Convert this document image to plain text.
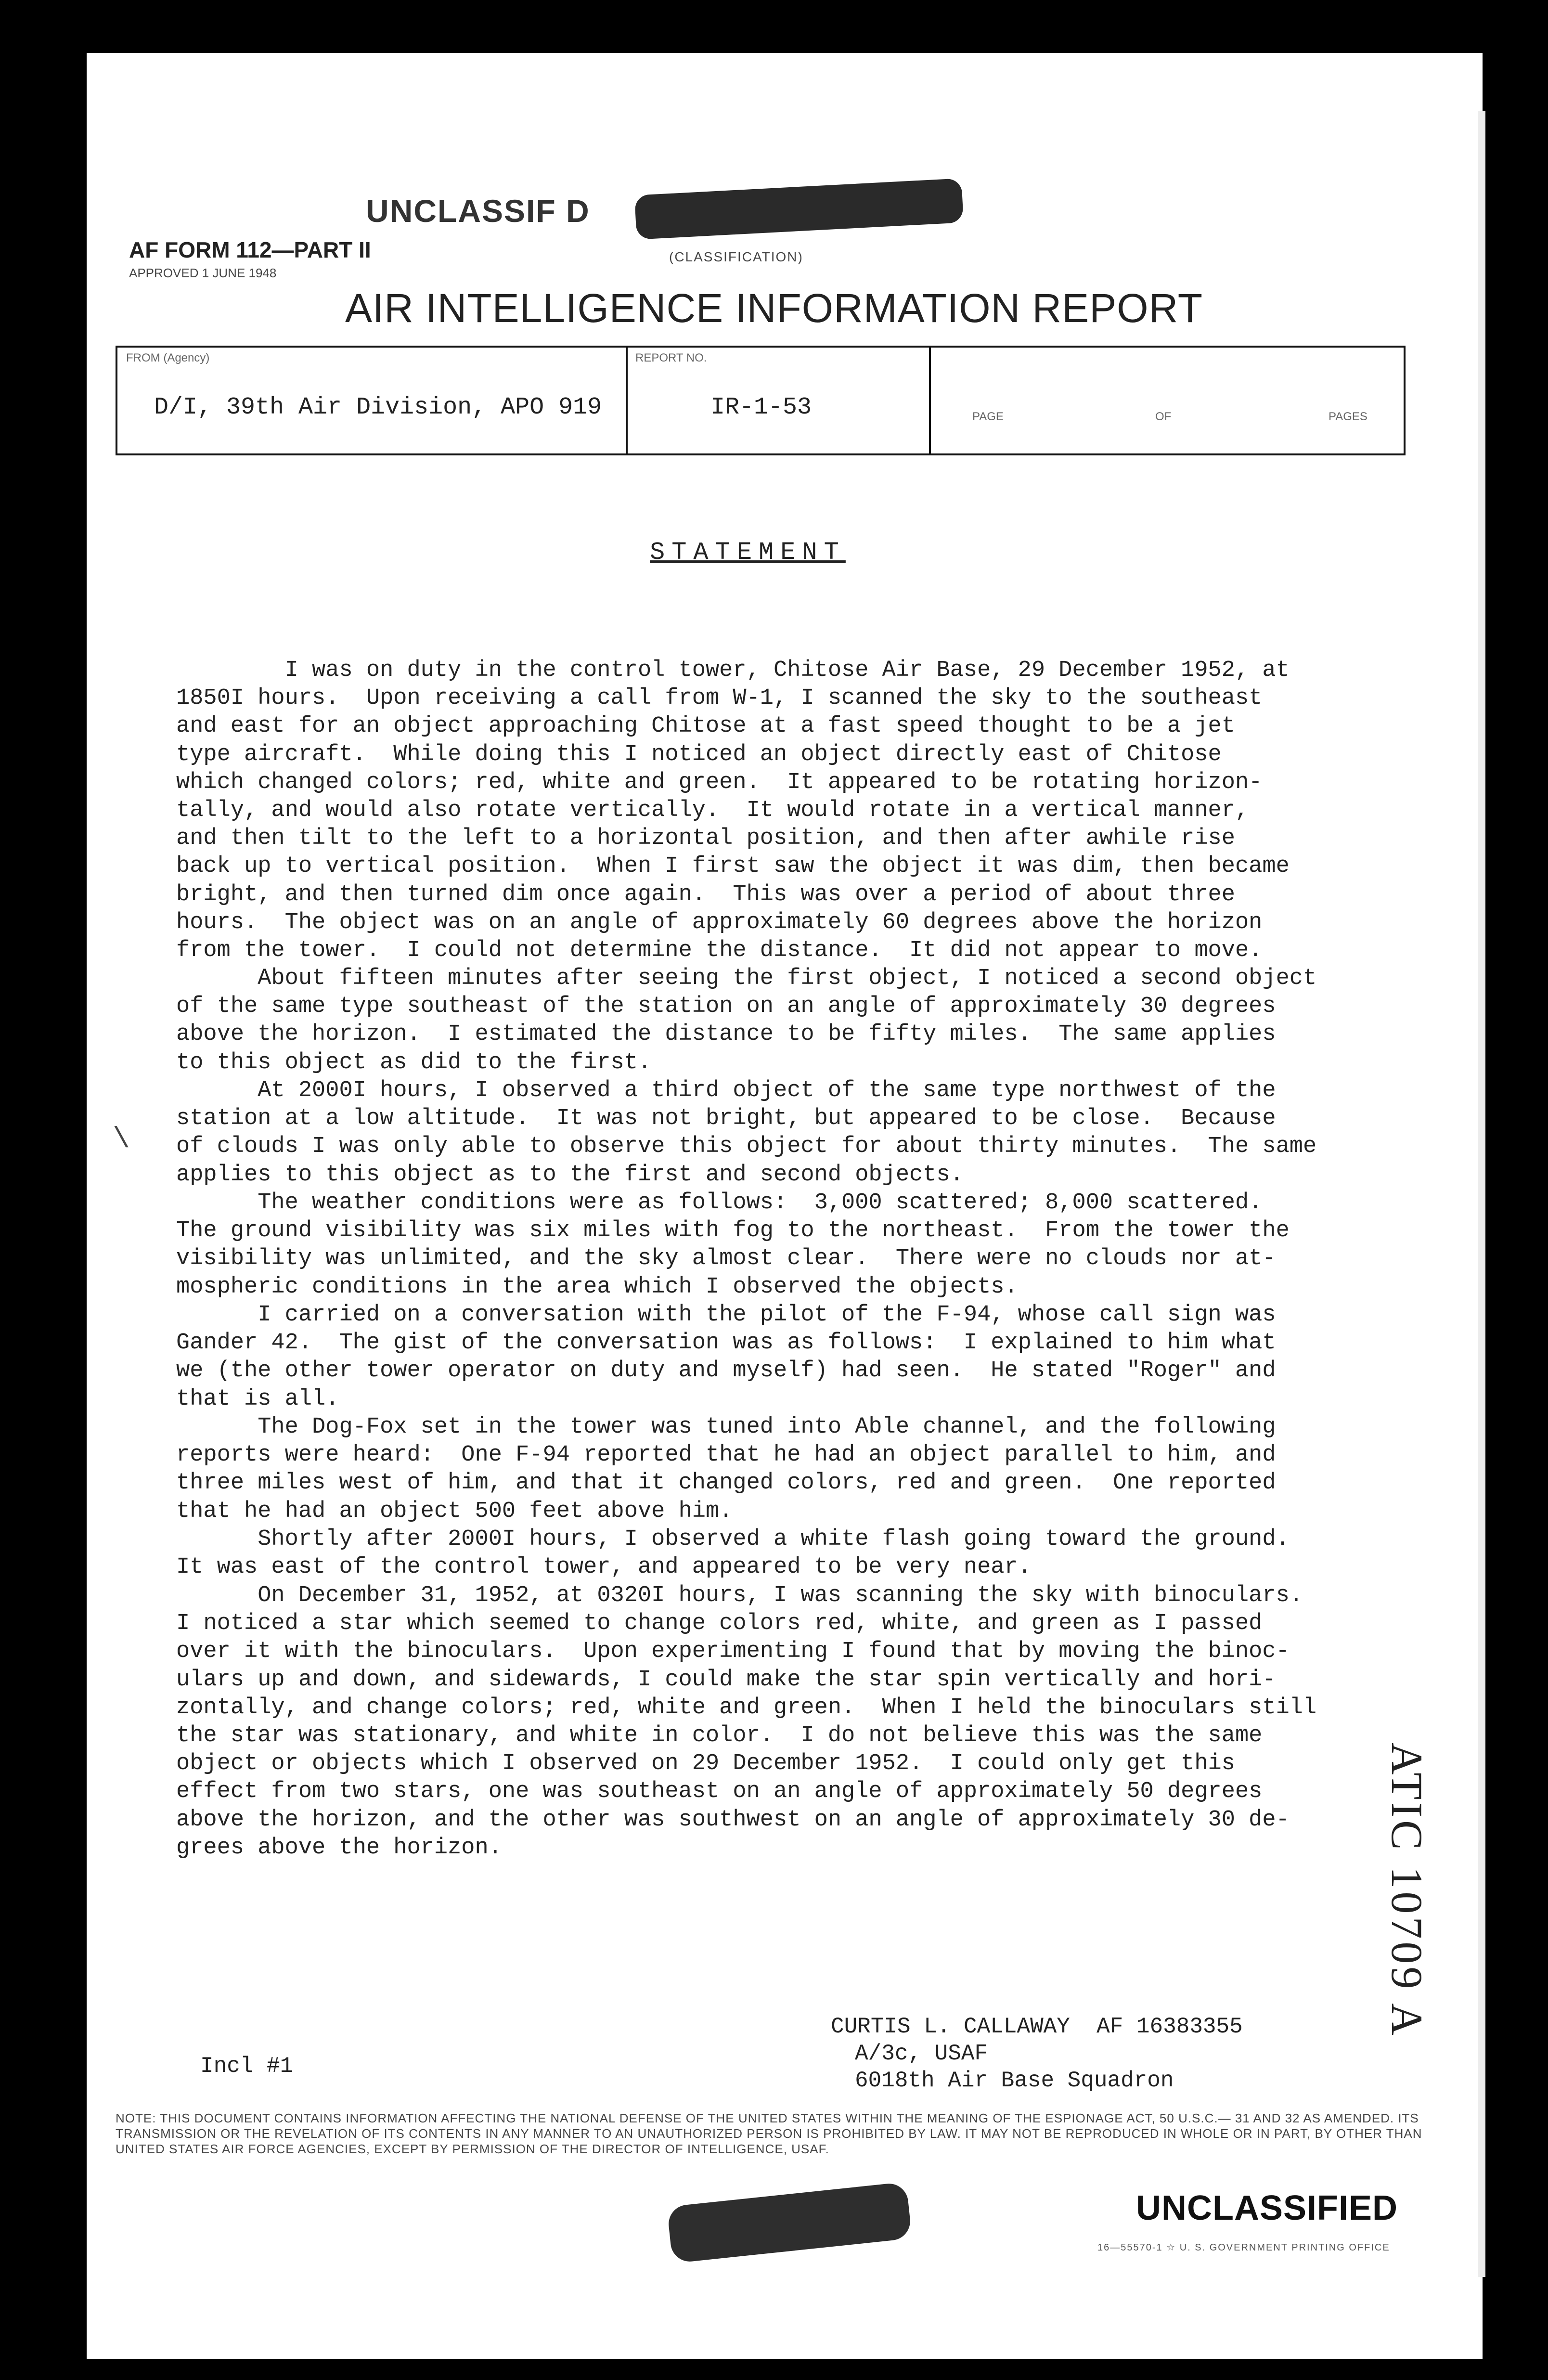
UNCLASSIF D
(CLASSIFICATION)
AF FORM 112—PART II
APPROVED 1 JUNE 1948
AIR INTELLIGENCE INFORMATION REPORT
FROM (Agency)
D/I, 39th Air Division, APO 919
REPORT NO.
IR-1-53	PAGE	OF	PAGES
STATEMENT
I was on duty in the control tower, Chitose Air Base, 29 December 1952, at
1850I hours.  Upon receiving a call from W-1, I scanned the sky to the southeast
and east for an object approaching Chitose at a fast speed thought to be a jet
type aircraft.  While doing this I noticed an object directly east of Chitose
which changed colors; red, white and green.  It appeared to be rotating horizon-
tally, and would also rotate vertically.  It would rotate in a vertical manner,
and then tilt to the left to a horizontal position, and then after awhile rise
back up to vertical position.  When I first saw the object it was dim, then became
bright, and then turned dim once again.  This was over a period of about three
hours.  The object was on an angle of approximately 60 degrees above the horizon
from the tower.  I could not determine the distance.  It did not appear to move.
About fifteen minutes after seeing the first object, I noticed a second object
of the same type southeast of the station on an angle of approximately 30 degrees
above the horizon.  I estimated the distance to be fifty miles.  The same applies
to this object as did to the first.
At 2000I hours, I observed a third object of the same type northwest of the
station at a low altitude.  It was not bright, but appeared to be close.  Because
of clouds I was only able to observe this object for about thirty minutes.  The same
applies to this object as to the first and second objects.
The weather conditions were as follows:  3,000 scattered; 8,000 scattered.
The ground visibility was six miles with fog to the northeast.  From the tower the
visibility was unlimited, and the sky almost clear.  There were no clouds nor at-
mospheric conditions in the area which I observed the objects.
I carried on a conversation with the pilot of the F-94, whose call sign was
Gander 42.  The gist of the conversation was as follows:  I explained to him what
we (the other tower operator on duty and myself) had seen.  He stated "Roger" and
that is all.
The Dog-Fox set in the tower was tuned into Able channel, and the following
reports were heard:  One F-94 reported that he had an object parallel to him, and
three miles west of him, and that it changed colors, red and green.  One reported
that he had an object 500 feet above him.
Shortly after 2000I hours, I observed a white flash going toward the ground.
It was east of the control tower, and appeared to be very near.
On December 31, 1952, at 0320I hours, I was scanning the sky with binoculars.
I noticed a star which seemed to change colors red, white, and green as I passed
over it with the binoculars.  Upon experimenting I found that by moving the binoc-
ulars up and down, and sidewards, I could make the star spin vertically and hori-
zontally, and change colors; red, white and green.  When I held the binoculars still
the star was stationary, and white in color.  I do not believe this was the same
object or objects which I observed on 29 December 1952.  I could only get this
effect from two stars, one was southeast on an angle of approximately 50 degrees
above the horizon, and the other was southwest on an angle of approximately 30 de-
grees above the horizon.
\
CURTIS L. CALLAWAY  AF 16383355
A/3c, USAF
6018th Air Base Squadron
Incl #1
NOTE: THIS DOCUMENT CONTAINS INFORMATION AFFECTING THE NATIONAL DEFENSE OF THE UNITED STATES WITHIN THE MEANING OF THE ESPIONAGE ACT, 50 U.S.C.— 31 AND 32 AS AMENDED. ITS TRANSMISSION OR THE REVELATION OF ITS CONTENTS IN ANY MANNER TO AN UNAUTHORIZED PERSON IS PROHIBITED BY LAW. IT MAY NOT BE REPRODUCED IN WHOLE OR IN PART, BY OTHER THAN UNITED STATES AIR FORCE AGENCIES, EXCEPT BY PERMISSION OF THE DIRECTOR OF INTELLIGENCE, USAF.
UNCLASSIFIED
16—55570-1 ☆ U. S. GOVERNMENT PRINTING OFFICE
ATIC 10709 A
